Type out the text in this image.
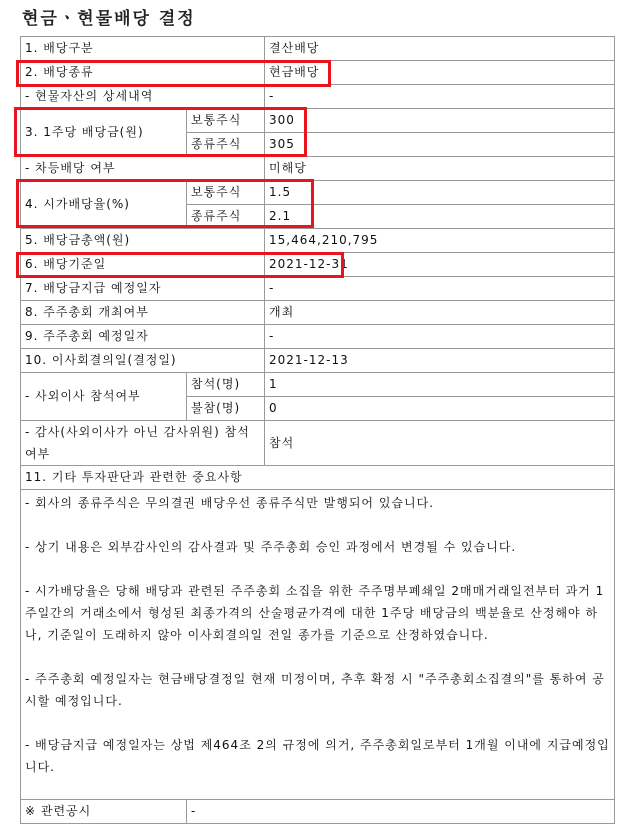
현금ㆍ현물배당 결정
1. 배당구분		결산배당
2. 배당종류		현금배당
- 현물자산의 상세내역		-
3. 1주당 배당금(원)	보통주식	300
	종류주식	305
- 차등배당 여부		미해당
4. 시가배당율(%)	보통주식	1.5
	종류주식	2.1
5. 배당금총액(원)		15,464,210,795
6. 배당기준일		2021-12-31
7. 배당금지급 예정일자		-
8. 주주총회 개최여부		개최
9. 주주총회 예정일자		-
10. 이사회결의일(결정일)		2021-12-13
- 사외이사 참석여부	참석(명)	1
	불참(명)	0
- 감사(사외이사가 아닌 감사위원) 참석여부		참석
11. 기타 투자판단과 관련한 중요사항		

- 회사의 종류주식은 무의결권 배당우선 종류주식만 발행되어 있습니다.

- 상기 내용은 외부감사인의 감사결과 및 주주총회 승인 과정에서 변경될 수 있습니다.

- 시가배당율은 당해 배당과 관련된 주주총회 소집을 위한 주주명부폐쇄일 2매매거래일전부터 과거 1주일간의 거래소에서 형성된 최종가격의 산술평균가격에 대한 1주당 배당금의 백분율로 산정해야 하나, 기준일이 도래하지 않아 이사회결의일 전일 종가를 기준으로 산정하였습니다.

- 주주총회 예정일자는 현금배당결정일 현재 미정이며, 추후 확정 시 "주주총회소집결의"를 통하여 공시할 예정입니다.

- 배당금지급 예정일자는 상법 제464조 2의 규정에 의거, 주주총회일로부터 1개월 이내에 지급예정입니다.		

※ 관련공시	-	
